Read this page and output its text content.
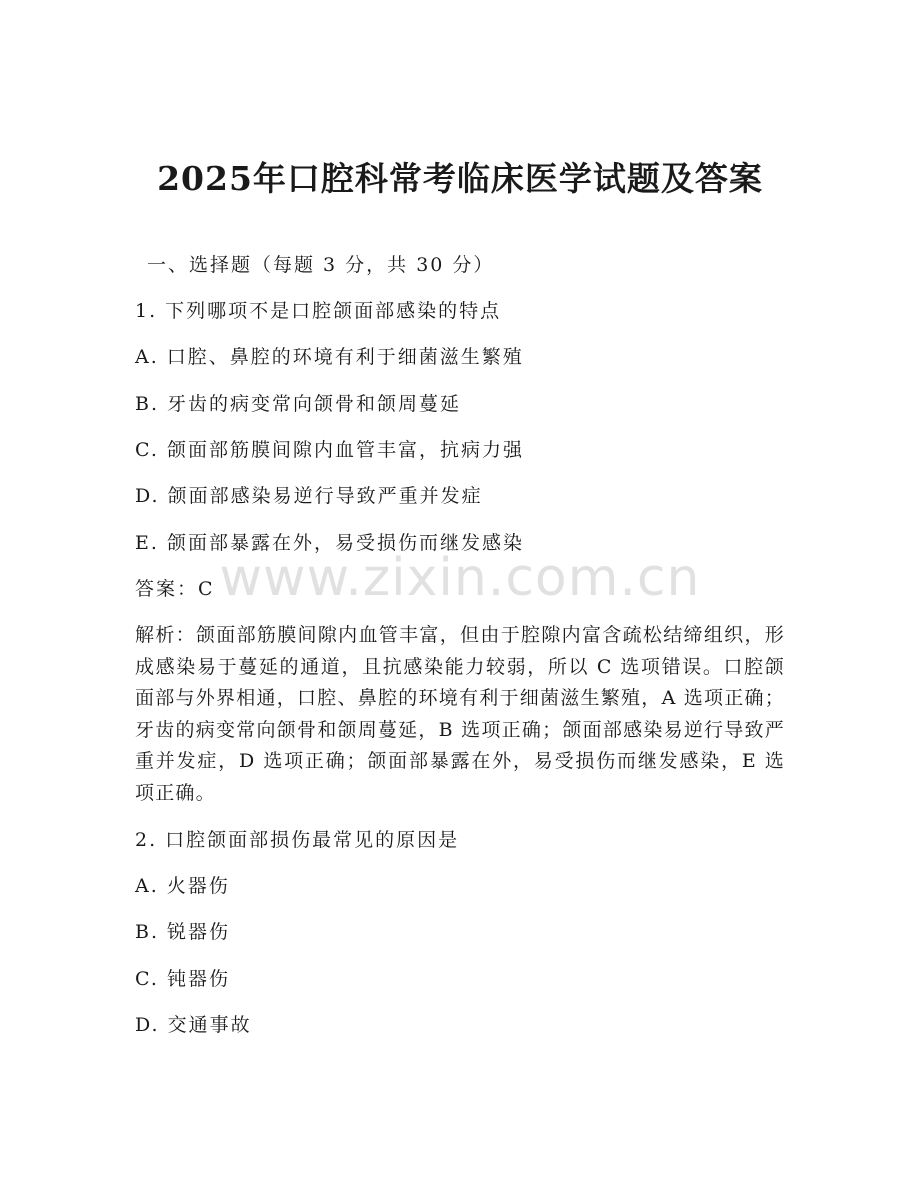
2025年口腔科常考临床医学试题及答案
一、选择题（每题 3 分，共 30 分）
1. 下列哪项不是口腔颌面部感染的特点
A. 口腔、鼻腔的环境有利于细菌滋生繁殖
B. 牙齿的病变常向颌骨和颌周蔓延
C. 颌面部筋膜间隙内血管丰富，抗病力强
D. 颌面部感染易逆行导致严重并发症
E. 颌面部暴露在外，易受损伤而继发感染
答案：C
解析：颌面部筋膜间隙内血管丰富，但由于腔隙内富含疏松结缔组织，形成感染易于蔓延的通道，且抗感染能力较弱，所以 C 选项错误。口腔颌面部与外界相通，口腔、鼻腔的环境有利于细菌滋生繁殖，A 选项正确；牙齿的病变常向颌骨和颌周蔓延，B 选项正确；颌面部感染易逆行导致严重并发症，D 选项正确；颌面部暴露在外，易受损伤而继发感染，E 选项正确。
2. 口腔颌面部损伤最常见的原因是
A. 火器伤
B. 锐器伤
C. 钝器伤
D. 交通事故
www.zixin.com.cn
